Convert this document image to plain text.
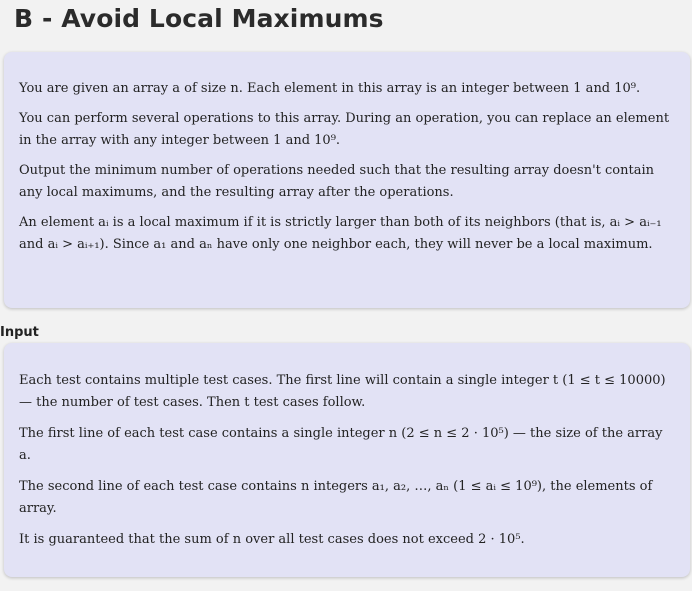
B - Avoid Local Maximums

You are given an array a of size n. Each element in this array is an integer between 1 and 10⁹.

You can perform several operations to this array. During an operation, you can replace an element in the array with any integer between 1 and 10⁹.

Output the minimum number of operations needed such that the resulting array doesn't contain any local maximums, and the resulting array after the operations.

An element aᵢ is a local maximum if it is strictly larger than both of its neighbors (that is, aᵢ > aᵢ₋₁ and aᵢ > aᵢ₊₁). Since a₁ and aₙ have only one neighbor each, they will never be a local maximum.

Input

Each test contains multiple test cases. The first line will contain a single integer t (1 ≤ t ≤ 10000) — the number of test cases. Then t test cases follow.

The first line of each test case contains a single integer n (2 ≤ n ≤ 2 · 10⁵) — the size of the array a.

The second line of each test case contains n integers a₁, a₂, …, aₙ (1 ≤ aᵢ ≤ 10⁹), the elements of array.

It is guaranteed that the sum of n over all test cases does not exceed 2 · 10⁵.
